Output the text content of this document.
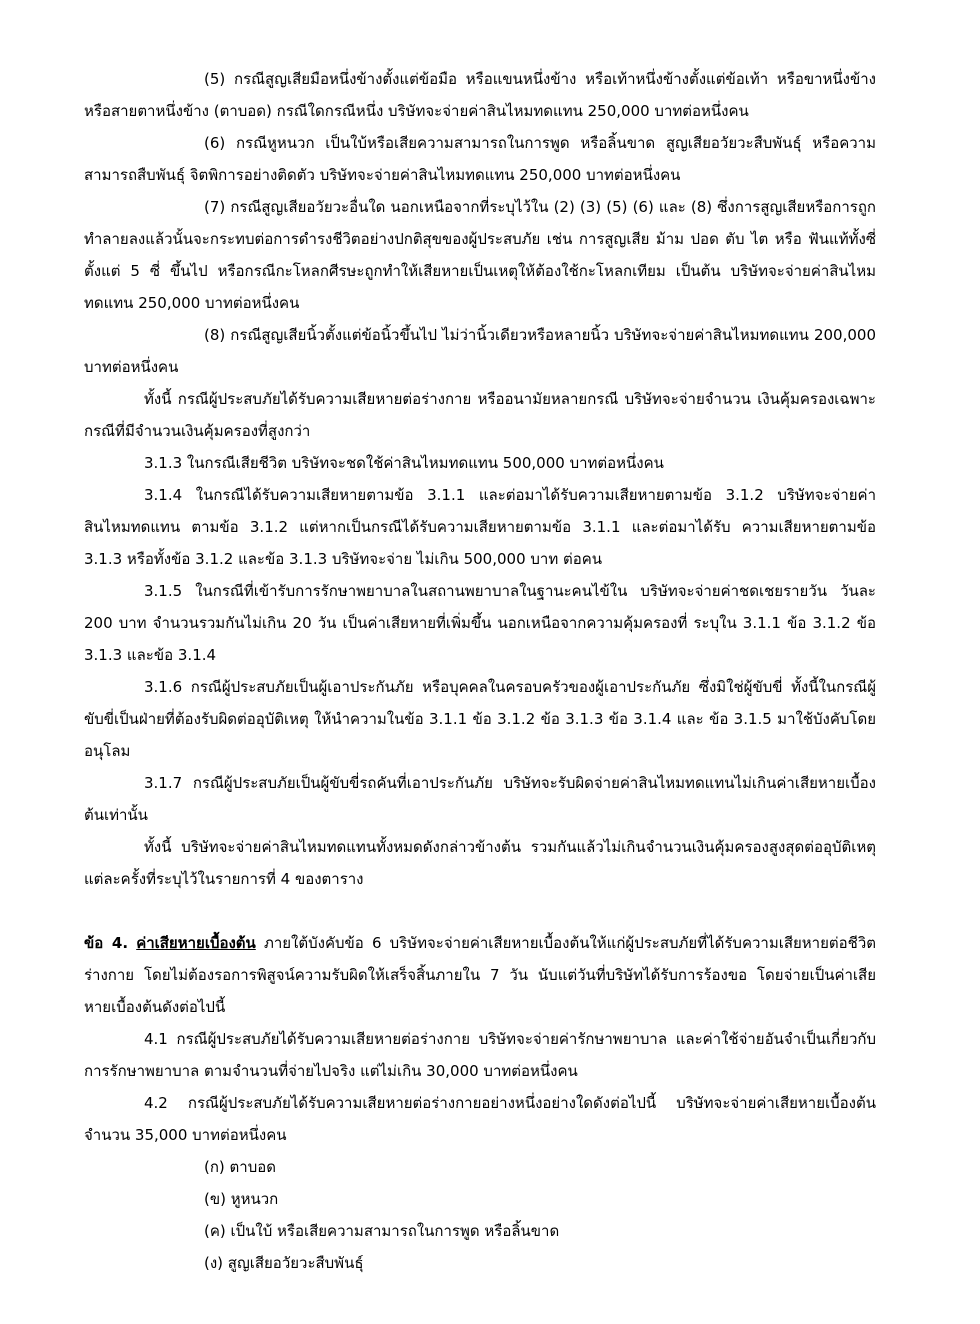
(5) กรณีสูญเสียมือหนึ่งข้างตั้งแต่ข้อมือ หรือแขนหนึ่งข้าง หรือเท้าหนึ่งข้างตั้งแต่ข้อเท้า หรือขาหนึ่งข้าง หรือสายตาหนึ่งข้าง (ตาบอด) กรณีใดกรณีหนึ่ง บริษัทจะจ่ายค่าสินไหมทดแทน 250,000 บาทต่อหนึ่งคน

(6) กรณีหูหนวก เป็นใบ้หรือเสียความสามารถในการพูด หรือลิ้นขาด สูญเสียอวัยวะสืบพันธุ์ หรือความสามารถสืบพันธุ์ จิตพิการอย่างติดตัว บริษัทจะจ่ายค่าสินไหมทดแทน 250,000 บาทต่อหนึ่งคน

(7) กรณีสูญเสียอวัยวะอื่นใด นอกเหนือจากที่ระบุไว้ใน (2) (3) (5) (6) และ (8) ซึ่งการสูญเสียหรือการถูกทำลายลงแล้วนั้นจะกระทบต่อการดำรงชีวิตอย่างปกติสุขของผู้ประสบภัย เช่น การสูญเสีย ม้าม ปอด ตับ ไต หรือ ฟันแท้ทั้งซี่ตั้งแต่ 5 ซี่ ขึ้นไป หรือกรณีกะโหลกศีรษะถูกทำให้เสียหายเป็นเหตุให้ต้องใช้กะโหลกเทียม เป็นต้น บริษัทจะจ่ายค่าสินไหมทดแทน 250,000 บาทต่อหนึ่งคน

(8) กรณีสูญเสียนิ้วตั้งแต่ข้อนิ้วขึ้นไป ไม่ว่านิ้วเดียวหรือหลายนิ้ว บริษัทจะจ่ายค่าสินไหมทดแทน 200,000 บาทต่อหนึ่งคน

ทั้งนี้ กรณีผู้ประสบภัยได้รับความเสียหายต่อร่างกาย หรืออนามัยหลายกรณี บริษัทจะจ่ายจำนวน เงินคุ้มครองเฉพาะกรณีที่มีจำนวนเงินคุ้มครองที่สูงกว่า

3.1.3 ในกรณีเสียชีวิต บริษัทจะชดใช้ค่าสินไหมทดแทน 500,000 บาทต่อหนึ่งคน

3.1.4 ในกรณีได้รับความเสียหายตามข้อ 3.1.1 และต่อมาได้รับความเสียหายตามข้อ 3.1.2 บริษัทจะจ่ายค่าสินไหมทดแทน ตามข้อ 3.1.2 แต่หากเป็นกรณีได้รับความเสียหายตามข้อ 3.1.1 และต่อมาได้รับ ความเสียหายตามข้อ 3.1.3 หรือทั้งข้อ 3.1.2 และข้อ 3.1.3 บริษัทจะจ่าย ไม่เกิน 500,000 บาท ต่อคน

3.1.5 ในกรณีที่เข้ารับการรักษาพยาบาลในสถานพยาบาลในฐานะคนไข้ใน บริษัทจะจ่ายค่าชดเชยรายวัน วันละ 200 บาท จำนวนรวมกันไม่เกิน 20 วัน เป็นค่าเสียหายที่เพิ่มขึ้น นอกเหนือจากความคุ้มครองที่ ระบุใน 3.1.1 ข้อ 3.1.2 ข้อ 3.1.3 และข้อ 3.1.4

3.1.6 กรณีผู้ประสบภัยเป็นผู้เอาประกันภัย หรือบุคคลในครอบครัวของผู้เอาประกันภัย ซึ่งมิใช่ผู้ขับขี่ ทั้งนี้ในกรณีผู้ขับขี่เป็นฝ่ายที่ต้องรับผิดต่ออุบัติเหตุ ให้นำความในข้อ 3.1.1 ข้อ 3.1.2 ข้อ 3.1.3 ข้อ 3.1.4 และ ข้อ 3.1.5 มาใช้บังคับโดยอนุโลม

3.1.7 กรณีผู้ประสบภัยเป็นผู้ขับขี่รถคันที่เอาประกันภัย บริษัทจะรับผิดจ่ายค่าสินไหมทดแทนไม่เกินค่าเสียหายเบื้องต้นเท่านั้น

ทั้งนี้ บริษัทจะจ่ายค่าสินไหมทดแทนทั้งหมดดังกล่าวข้างต้น รวมกันแล้วไม่เกินจำนวนเงินคุ้มครองสูงสุดต่ออุบัติเหตุแต่ละครั้งที่ระบุไว้ในรายการที่ 4 ของตาราง

ข้อ 4. ค่าเสียหายเบื้องต้น ภายใต้บังคับข้อ 6 บริษัทจะจ่ายค่าเสียหายเบื้องต้นให้แก่ผู้ประสบภัยที่ได้รับความเสียหายต่อชีวิต ร่างกาย โดยไม่ต้องรอการพิสูจน์ความรับผิดให้เสร็จสิ้นภายใน 7 วัน นับแต่วันที่บริษัทได้รับการร้องขอ โดยจ่ายเป็นค่าเสียหายเบื้องต้นดังต่อไปนี้

4.1 กรณีผู้ประสบภัยได้รับความเสียหายต่อร่างกาย บริษัทจะจ่ายค่ารักษาพยาบาล และค่าใช้จ่ายอันจำเป็นเกี่ยวกับการรักษาพยาบาล ตามจำนวนที่จ่ายไปจริง แต่ไม่เกิน 30,000 บาทต่อหนึ่งคน

4.2 กรณีผู้ประสบภัยได้รับความเสียหายต่อร่างกายอย่างหนึ่งอย่างใดดังต่อไปนี้ บริษัทจะจ่ายค่าเสียหายเบื้องต้นจำนวน 35,000 บาทต่อหนึ่งคน

(ก) ตาบอด

(ข) หูหนวก

(ค) เป็นใบ้ หรือเสียความสามารถในการพูด หรือลิ้นขาด

(ง) สูญเสียอวัยวะสืบพันธุ์
